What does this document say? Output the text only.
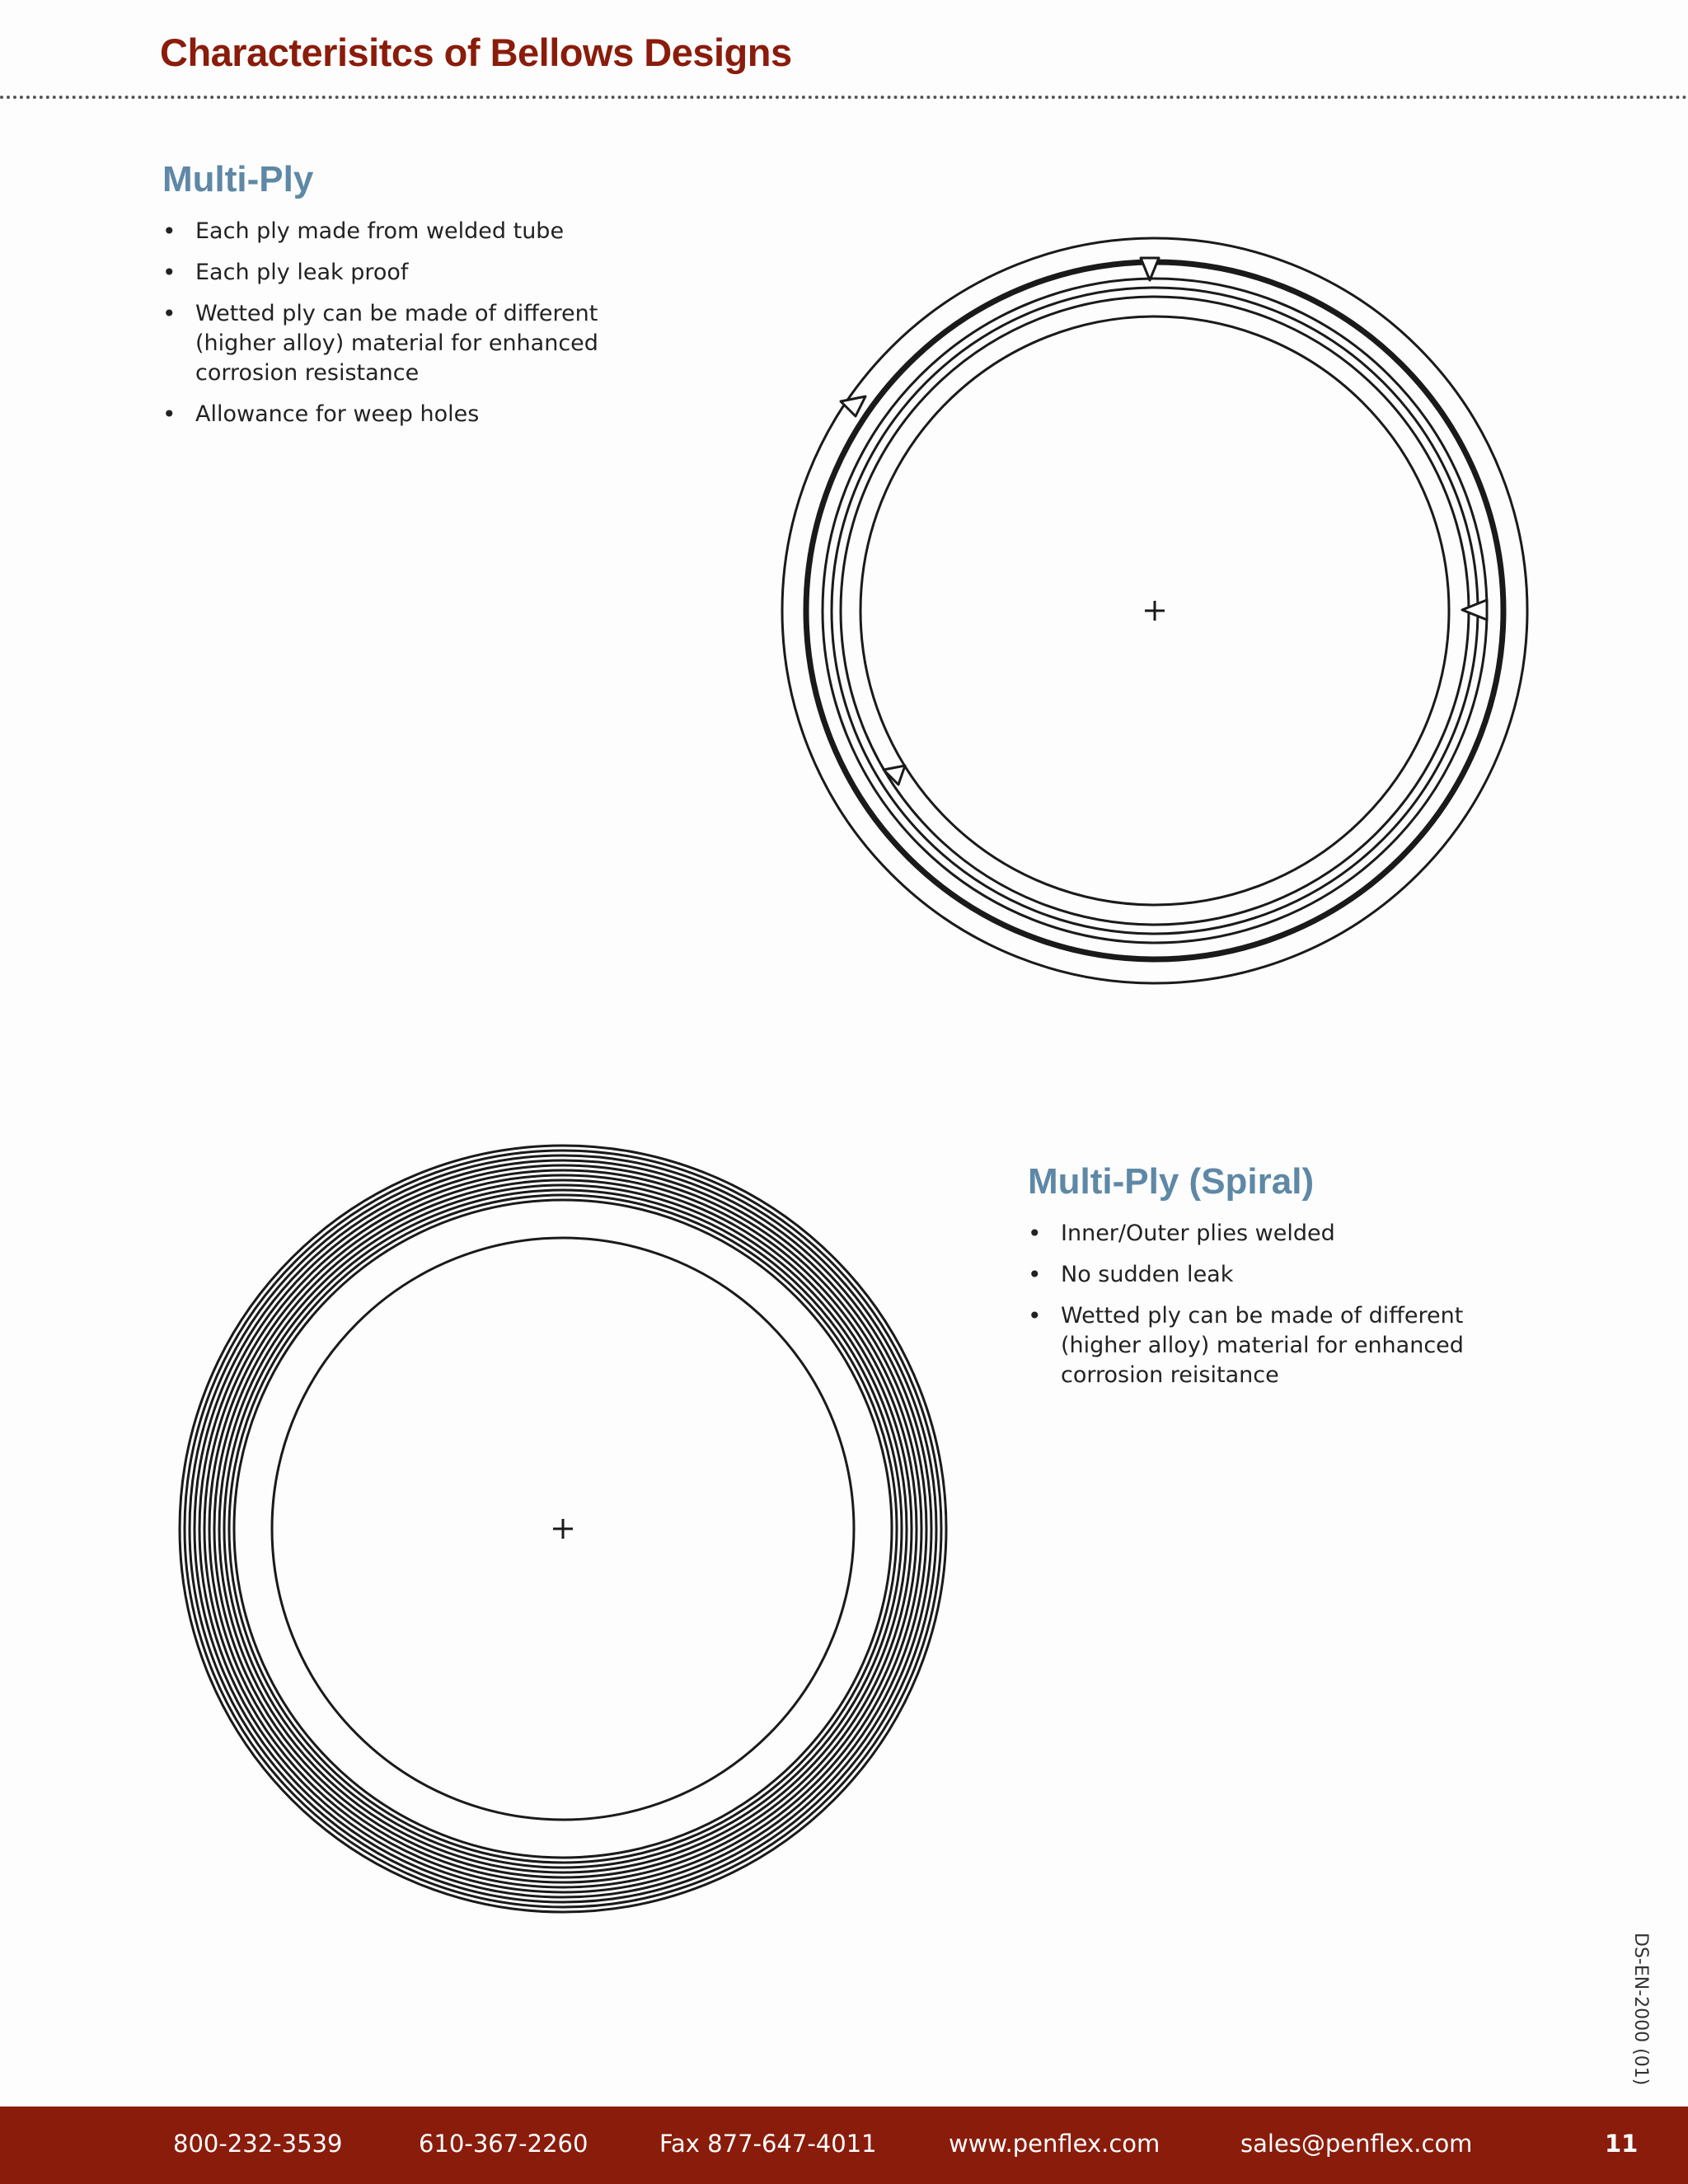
Characterisitcs of Bellows Designs
Multi-Ply
• Each ply made from welded tube
• Each ply leak proof
• Wetted ply can be made of different (higher alloy) material for enhanced corrosion resistance
• Allowance for weep holes
Multi-Ply (Spiral)
• Inner/Outer plies welded
• No sudden leak
• Wetted ply can be made of different (higher alloy) material for enhanced corrosion reisitance
DS-EN-2000 (01)
800-232-3539	610-367-2260	Fax 877-647-4011	www.penflex.com	sales@penflex.com	11
